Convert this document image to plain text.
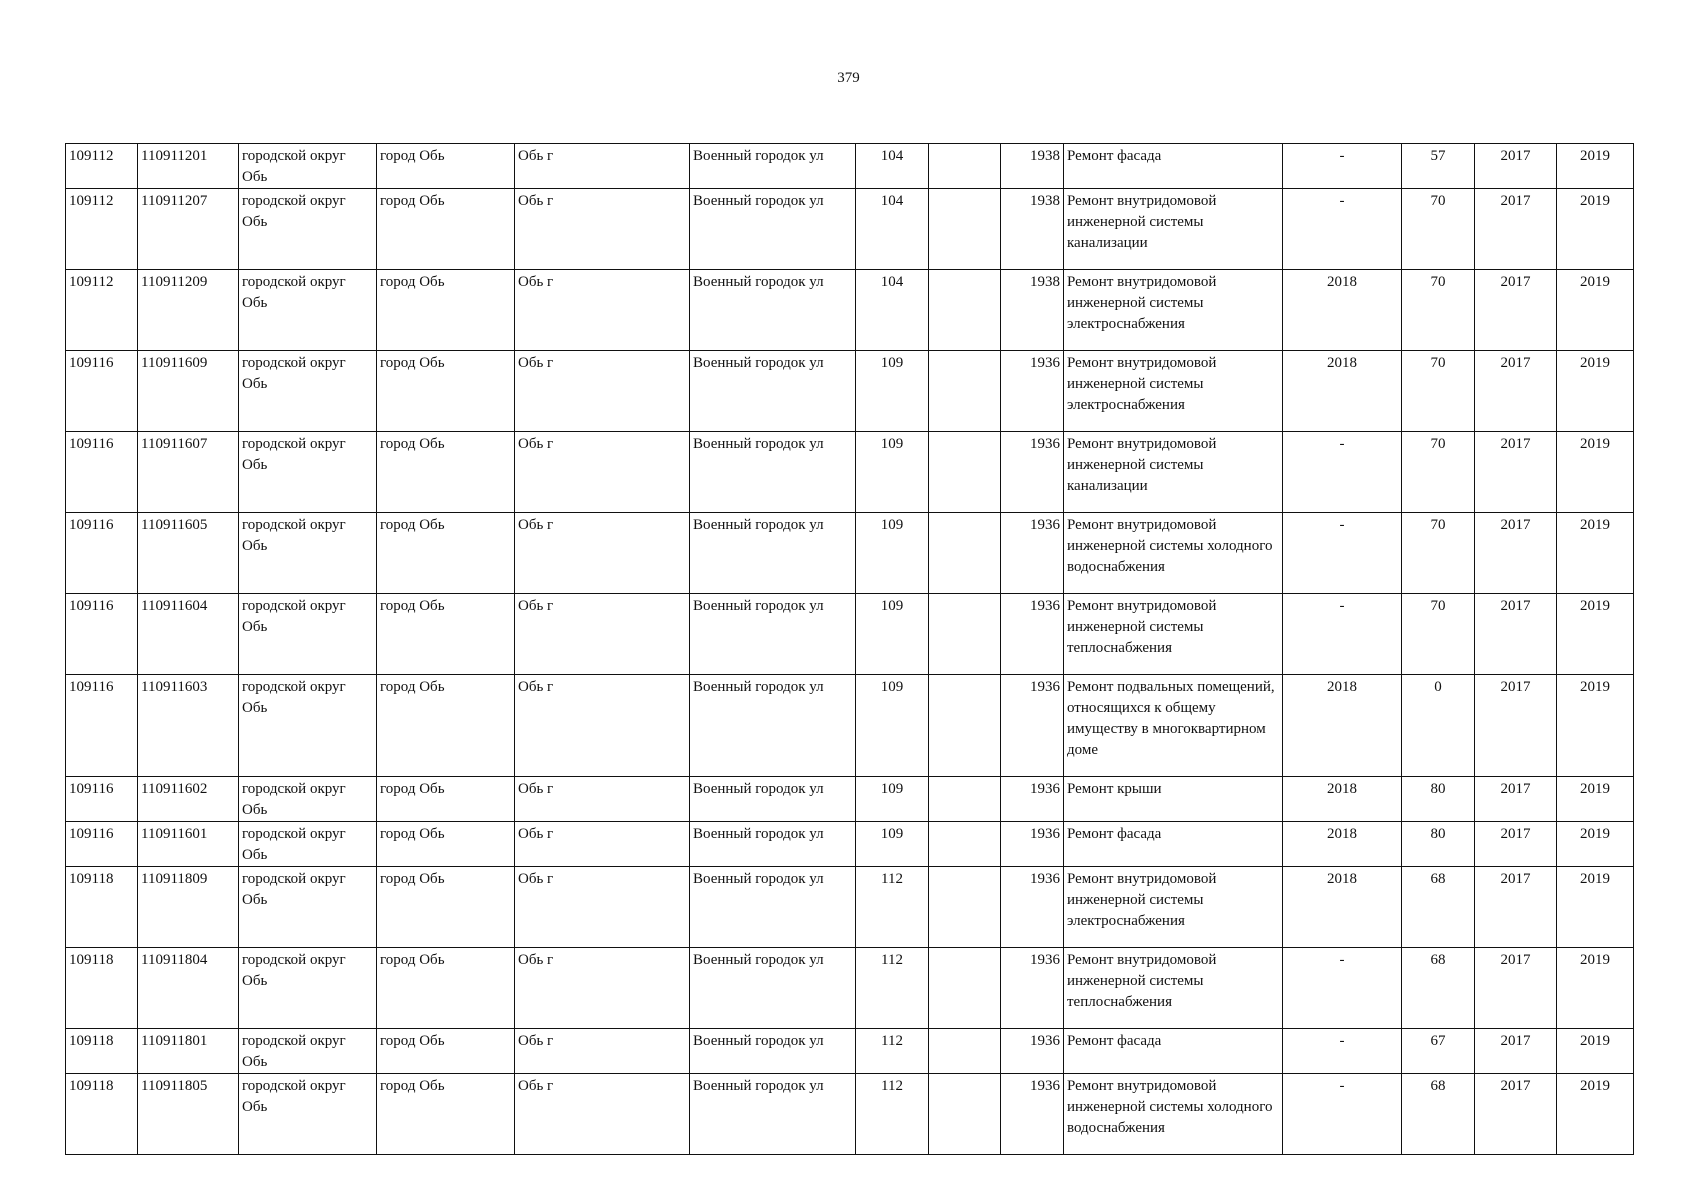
379
109112	110911201	городской округ Обь	город Обь	Обь г	Военный городок ул	104		1938	Ремонт фасада	-	57	2017	2019
109112	110911207	городской округ Обь	город Обь	Обь г	Военный городок ул	104		1938	Ремонт внутридомовой инженерной системы канализации	-	70	2017	2019
109112	110911209	городской округ Обь	город Обь	Обь г	Военный городок ул	104		1938	Ремонт внутридомовой инженерной системы электроснабжения	2018	70	2017	2019
109116	110911609	городской округ Обь	город Обь	Обь г	Военный городок ул	109		1936	Ремонт внутридомовой инженерной системы электроснабжения	2018	70	2017	2019
109116	110911607	городской округ Обь	город Обь	Обь г	Военный городок ул	109		1936	Ремонт внутридомовой инженерной системы канализации	-	70	2017	2019
109116	110911605	городской округ Обь	город Обь	Обь г	Военный городок ул	109		1936	Ремонт внутридомовой инженерной системы холодного водоснабжения	-	70	2017	2019
109116	110911604	городской округ Обь	город Обь	Обь г	Военный городок ул	109		1936	Ремонт внутридомовой инженерной системы теплоснабжения	-	70	2017	2019
109116	110911603	городской округ Обь	город Обь	Обь г	Военный городок ул	109		1936	Ремонт подвальных помещений, относящихся к общему имуществу в многоквартирном доме	2018	0	2017	2019
109116	110911602	городской округ Обь	город Обь	Обь г	Военный городок ул	109		1936	Ремонт крыши	2018	80	2017	2019
109116	110911601	городской округ Обь	город Обь	Обь г	Военный городок ул	109		1936	Ремонт фасада	2018	80	2017	2019
109118	110911809	городской округ Обь	город Обь	Обь г	Военный городок ул	112		1936	Ремонт внутридомовой инженерной системы электроснабжения	2018	68	2017	2019
109118	110911804	городской округ Обь	город Обь	Обь г	Военный городок ул	112		1936	Ремонт внутридомовой инженерной системы теплоснабжения	-	68	2017	2019
109118	110911801	городской округ Обь	город Обь	Обь г	Военный городок ул	112		1936	Ремонт фасада	-	67	2017	2019
109118	110911805	городской округ Обь	город Обь	Обь г	Военный городок ул	112		1936	Ремонт внутридомовой инженерной системы холодного водоснабжения	-	68	2017	2019
